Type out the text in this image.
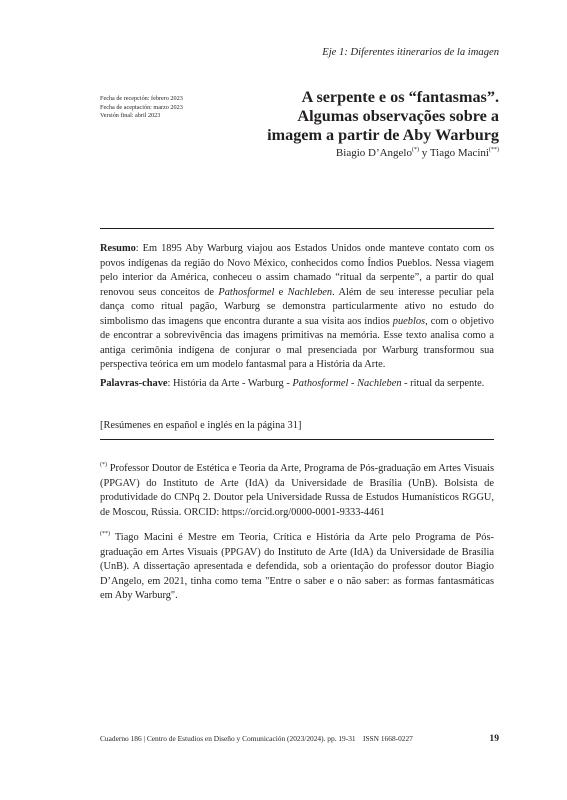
Eje 1: Diferentes itinerarios de la imagen
Fecha de recepción: febrero 2023
Fecha de aceptación: marzo 2023
Versión final: abril 2023
A serpente e os “fantasmas”.
Algumas observações sobre a
imagem a partir de Aby Warburg
Biagio D’Angelo(*) y Tiago Macini(**)
Resumo: Em 1895 Aby Warburg viajou aos Estados Unidos onde manteve contato com os povos indígenas da região do Novo México, conhecidos como Índios Pueblos. Nessa viagem pelo interior da América, conheceu o assim chamado “ritual da serpente”, a partir do qual renovou seus conceitos de Pathosformel e Nachleben. Além de seu interesse peculiar pela dança como ritual pagão, Warburg se demonstra particularmente ativo no estudo do simbolismo das imagens que encontra durante a sua visita aos índios pueblos, com o objetivo de encontrar a sobrevivência das imagens primitivas na memória. Esse texto analisa como a antiga cerimônia indígena de conjurar o mal presenciada por Warburg transformou sua perspectiva teórica em um modelo fantasmal para a História da Arte.
Palavras-chave: História da Arte - Warburg - Pathosformel - Nachleben - ritual da serpente.
[Resúmenes en español e inglés en la página 31]
(*) Professor Doutor de Estética e Teoria da Arte, Programa de Pós-graduação em Artes Visuais (PPGAV) do Instituto de Arte (IdA) da Universidade de Brasília (UnB). Bolsista de produtividade do CNPq 2. Doutor pela Universidade Russa de Estudos Humanísticos RGGU, de Moscou, Rússia. ORCID: https://orcid.org/0000-0001-9333-4461
(**) Tiago Macini é Mestre em Teoria, Crítica e História da Arte pelo Programa de Pósgraduação em Artes Visuais (PPGAV) do Instituto de Arte (IdA) da Universidade de Brasília (UnB). A dissertação apresentada e defendida, sob a orientação do professor doutor Biagio D’Angelo, em 2021, tinha como tema "Entre o saber e o não saber: as formas fantasmáticas em Aby Warburg".
Cuaderno 186 | Centro de Estudios en Diseño y Comunicación (2023/2024). pp. 19-31    ISSN 1668-0227	19
